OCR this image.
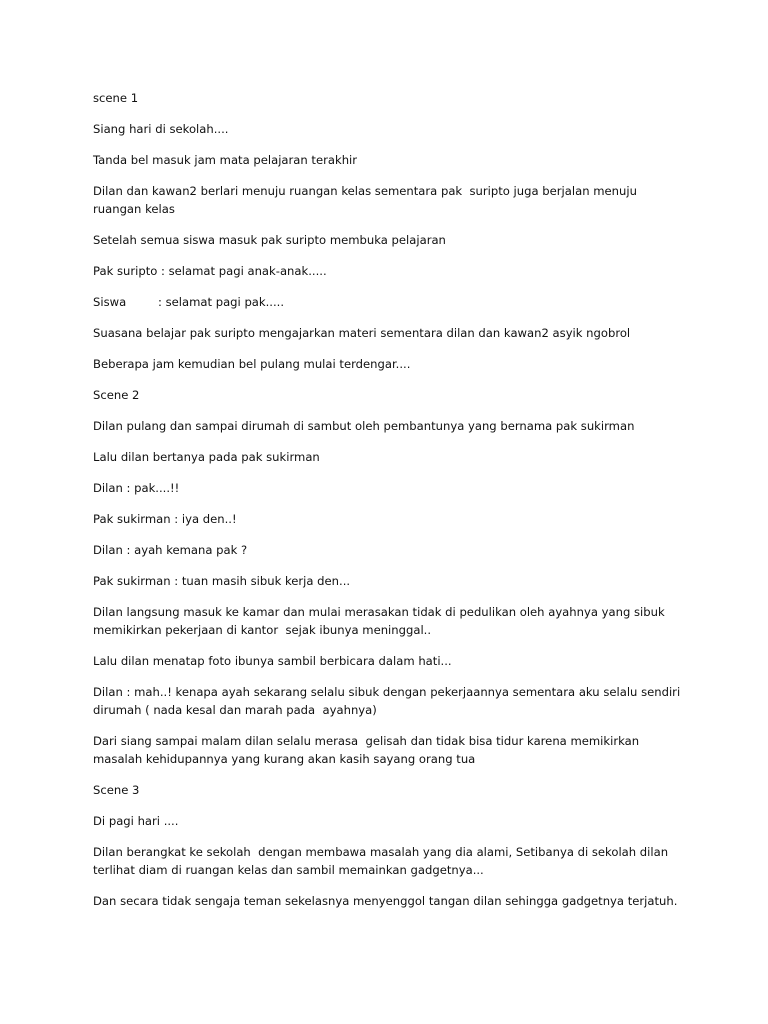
scene 1

Siang hari di sekolah....

Tanda bel masuk jam mata pelajaran terakhir

Dilan dan kawan2 berlari menuju ruangan kelas sementara pak  suripto juga berjalan menuju
ruangan kelas

Setelah semua siswa masuk pak suripto membuka pelajaran

Pak suripto : selamat pagi anak-anak.....

Siswa	: selamat pagi pak.....

Suasana belajar pak suripto mengajarkan materi sementara dilan dan kawan2 asyik ngobrol

Beberapa jam kemudian bel pulang mulai terdengar....

Scene 2

Dilan pulang dan sampai dirumah di sambut oleh pembantunya yang bernama pak sukirman

Lalu dilan bertanya pada pak sukirman

Dilan : pak....!!

Pak sukirman : iya den..!

Dilan : ayah kemana pak ?

Pak sukirman : tuan masih sibuk kerja den...

Dilan langsung masuk ke kamar dan mulai merasakan tidak di pedulikan oleh ayahnya yang sibuk
memikirkan pekerjaan di kantor  sejak ibunya meninggal..

Lalu dilan menatap foto ibunya sambil berbicara dalam hati...

Dilan : mah..! kenapa ayah sekarang selalu sibuk dengan pekerjaannya sementara aku selalu sendiri
dirumah ( nada kesal dan marah pada  ayahnya)

Dari siang sampai malam dilan selalu merasa  gelisah dan tidak bisa tidur karena memikirkan
masalah kehidupannya yang kurang akan kasih sayang orang tua

Scene 3

Di pagi hari ....

Dilan berangkat ke sekolah  dengan membawa masalah yang dia alami, Setibanya di sekolah dilan
terlihat diam di ruangan kelas dan sambil memainkan gadgetnya...

Dan secara tidak sengaja teman sekelasnya menyenggol tangan dilan sehingga gadgetnya terjatuh.
